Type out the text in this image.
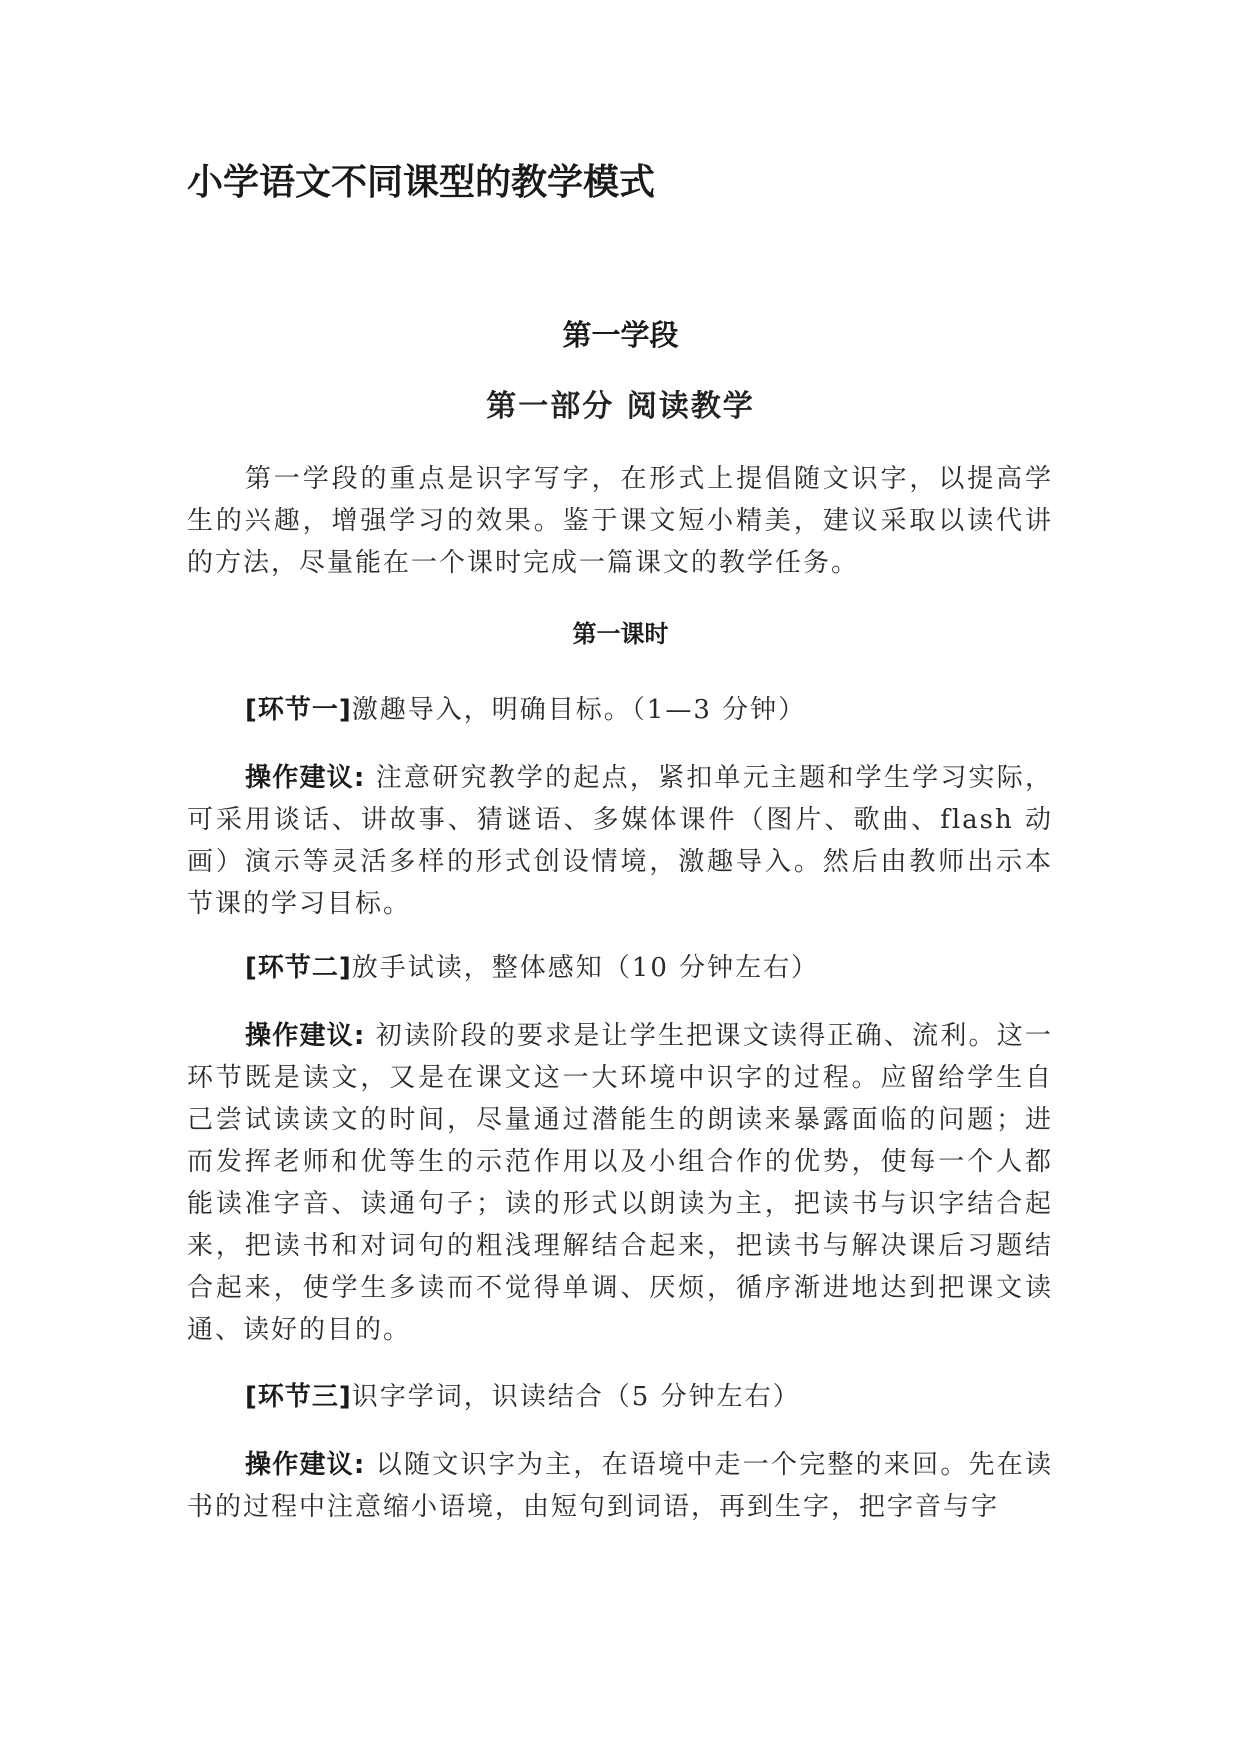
小学语文不同课型的教学模式
第一学段
第一部分 阅读教学

第一学段的重点是识字写字，在形式上提倡随文识字，以提高学生的兴趣，增强学习的效果。鉴于课文短小精美，建议采取以读代讲的方法，尽量能在一个课时完成一篇课文的教学任务。

第一课时

[环节一]激趣导入，明确目标。（1—3 分钟）

操作建议: 注意研究教学的起点，紧扣单元主题和学生学习实际，可采用谈话、讲故事、猜谜语、多媒体课件（图片、歌曲、flash 动画）演示等灵活多样的形式创设情境，激趣导入。然后由教师出示本节课的学习目标。

[环节二]放手试读，整体感知（10 分钟左右）

操作建议: 初读阶段的要求是让学生把课文读得正确、流利。这一环节既是读文，又是在课文这一大环境中识字的过程。应留给学生自己尝试读读文的时间，尽量通过潜能生的朗读来暴露面临的问题；进而发挥老师和优等生的示范作用以及小组合作的优势，使每一个人都能读准字音、读通句子；读的形式以朗读为主，把读书与识字结合起来，把读书和对词句的粗浅理解结合起来，把读书与解决课后习题结合起来，使学生多读而不觉得单调、厌烦，循序渐进地达到把课文读通、读好的目的。

[环节三]识字学词，识读结合（5 分钟左右）

操作建议: 以随文识字为主，在语境中走一个完整的来回。先在读书的过程中注意缩小语境，由短句到词语，再到生字，把字音与字
